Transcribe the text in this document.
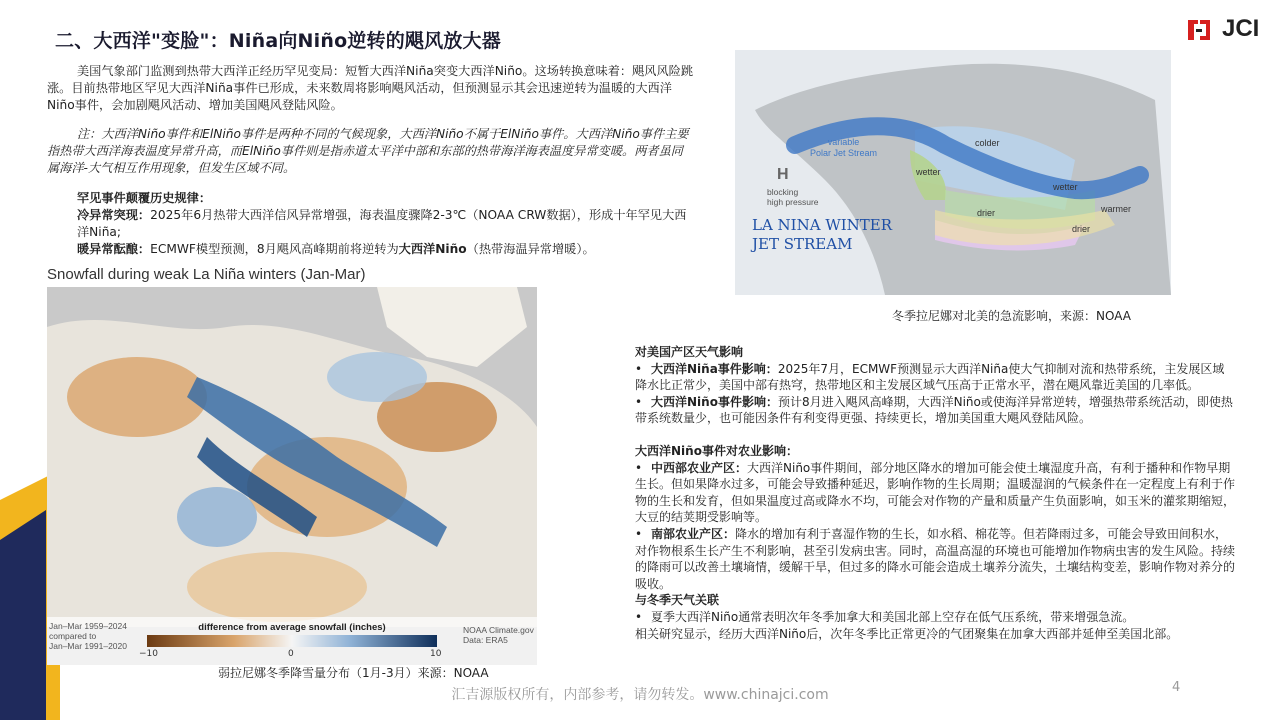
二、大西洋"变脸"：Niña向Niño逆转的飓风放大器	JCI
美国气象部门监测到热带大西洋正经历罕见变局：短暂大西洋Niña突变大西洋Niño。这场转换意味着：飓风风险跳涨。目前热带地区罕见大西洋Niña事件已形成，未来数周将影响飓风活动，但预测显示其会迅速逆转为温暖的大西洋Niño事件，会加剧飓风活动、增加美国飓风登陆风险。
注：大西洋Niño事件和ElNiño事件是两种不同的气候现象，大西洋Niño不属于ElNiño事件。大西洋Niño事件主要指热带大西洋海表温度异常升高，而ElNiño事件则是指赤道太平洋中部和东部的热带海洋海表温度异常变暖。两者虽同属海洋-大气相互作用现象，但发生区域不同。
罕见事件颠覆历史规律：
冷异常突现：2025年6月热带大西洋信风异常增强，海表温度骤降2-3℃（NOAA CRW数据），形成十年罕见大西洋Niña;
暖异常酝酿：ECMWF模型预测，8月飓风高峰期前将逆转为大西洋Niño（热带海温异常增暖）。
Snowfall during weak La Niña winters (Jan-Mar)
Jan–Mar 1959–2024
compared to
Jan–Mar 1991–2020
difference from average snowfall (inches)
−10	0	10
NOAA Climate.gov
Data: ERA5
弱拉尼娜冬季降雪量分布（1月-3月）来源：NOAA
variable
Polar Jet Stream
H
blocking
high pressure
colder
wetter
wetter
warmer
drier
drier
LA NINA WINTER
JET STREAM
冬季拉尼娜对北美的急流影响，来源：NOAA
对美国产区天气影响
• 大西洋Niña事件影响：2025年7月，ECMWF预测显示大西洋Niña使大气抑制对流和热带系统，主发展区域降水比正常少，美国中部有热穹，热带地区和主发展区域气压高于正常水平，潜在飓风靠近美国的几率低。
• 大西洋Niño事件影响：预计8月进入飓风高峰期，大西洋Niño或使海洋异常逆转，增强热带系统活动，即使热带系统数量少，也可能因条件有利变得更强、持续更长，增加美国重大飓风登陆风险。
大西洋Niño事件对农业影响：
• 中西部农业产区：大西洋Niño事件期间，部分地区降水的增加可能会使土壤湿度升高，有利于播种和作物早期生长。但如果降水过多，可能会导致播种延迟，影响作物的生长周期；温暖湿润的气候条件在一定程度上有利于作物的生长和发育，但如果温度过高或降水不均，可能会对作物的产量和质量产生负面影响，如玉米的灌浆期缩短，大豆的结荚期受影响等。
• 南部农业产区：降水的增加有利于喜湿作物的生长，如水稻、棉花等。但若降雨过多，可能会导致田间积水，对作物根系生长产生不利影响，甚至引发病虫害。同时，高温高湿的环境也可能增加作物病虫害的发生风险。持续的降雨可以改善土壤墒情，缓解干旱，但过多的降水可能会造成土壤养分流失，土壤结构变差，影响作物对养分的吸收。
与冬季天气关联
• 夏季大西洋Niño通常表明次年冬季加拿大和美国北部上空存在低气压系统，带来增强急流。
相关研究显示，经历大西洋Niño后，次年冬季比正常更冷的气团聚集在加拿大西部并延伸至美国北部。
汇吉源版权所有，内部参考，请勿转发。www.chinajci.com	4
